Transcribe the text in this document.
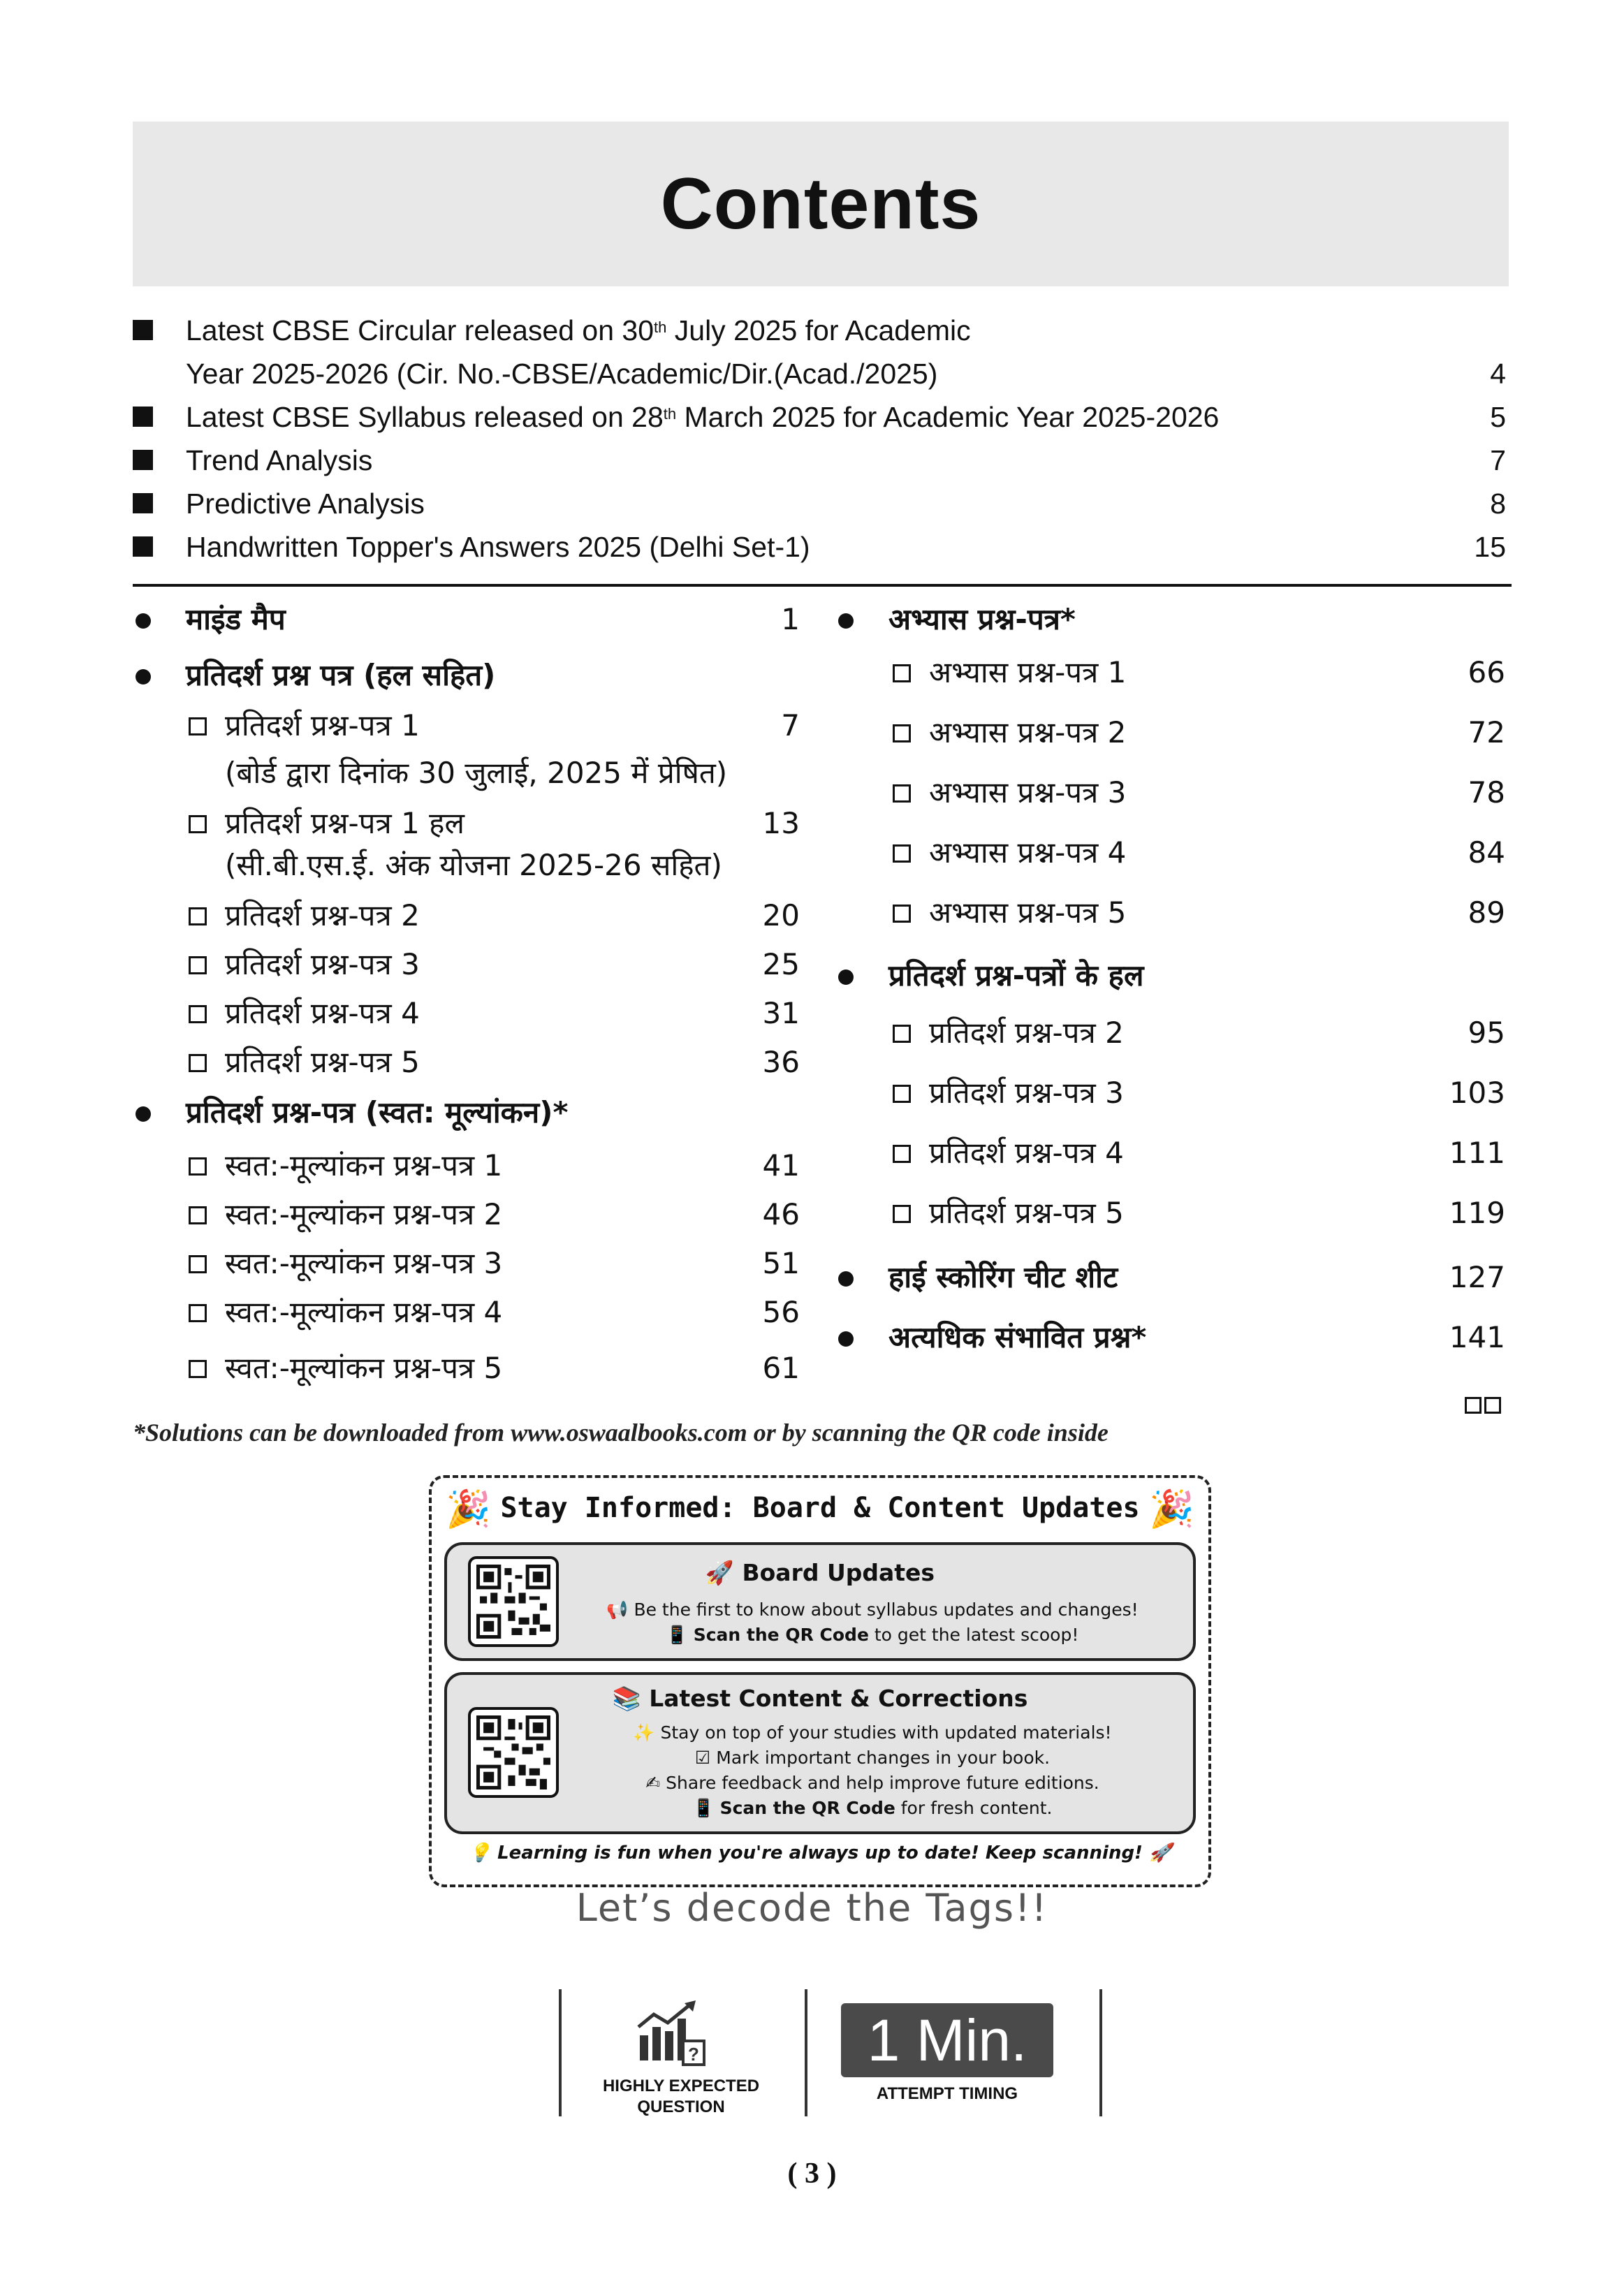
Contents
Latest CBSE Circular released on 30th July 2025 for Academic
Year 2025-2026 (Cir. No.-CBSE/Academic/Dir.(Acad./2025)	4
Latest CBSE Syllabus released on 28th March 2025 for Academic Year 2025-2026	5
Trend Analysis	7
Predictive Analysis	8
Handwritten Topper's Answers 2025 (Delhi Set-1)	15
माइंड मैप	1
प्रतिदर्श प्रश्न पत्र (हल सहित)
प्रतिदर्श प्रश्न-पत्र 1	7
(बोर्ड द्वारा दिनांक 30 जुलाई, 2025 में प्रेषित)
प्रतिदर्श प्रश्न-पत्र 1 हल	13
(सी.बी.एस.ई. अंक योजना 2025-26 सहित)
प्रतिदर्श प्रश्न-पत्र 2	20
प्रतिदर्श प्रश्न-पत्र 3	25
प्रतिदर्श प्रश्न-पत्र 4	31
प्रतिदर्श प्रश्न-पत्र 5	36
प्रतिदर्श प्रश्न-पत्र (स्वत: मूल्यांकन)*
स्वत:-मूल्यांकन प्रश्न-पत्र 1	41
स्वत:-मूल्यांकन प्रश्न-पत्र 2	46
स्वत:-मूल्यांकन प्रश्न-पत्र 3	51
स्वत:-मूल्यांकन प्रश्न-पत्र 4	56
स्वत:-मूल्यांकन प्रश्न-पत्र 5	61
अभ्यास प्रश्न-पत्र*
अभ्यास प्रश्न-पत्र 1	66
अभ्यास प्रश्न-पत्र 2	72
अभ्यास प्रश्न-पत्र 3	78
अभ्यास प्रश्न-पत्र 4	84
अभ्यास प्रश्न-पत्र 5	89
प्रतिदर्श प्रश्न-पत्रों के हल
प्रतिदर्श प्रश्न-पत्र 2	95
प्रतिदर्श प्रश्न-पत्र 3	103
प्रतिदर्श प्रश्न-पत्र 4	111
प्रतिदर्श प्रश्न-पत्र 5	119
हाई स्कोरिंग चीट शीट	127
अत्यधिक संभावित प्रश्न*	141
*Solutions can be downloaded from www.oswaalbooks.com or by scanning the QR code inside
🎉	🎉
Stay Informed: Board & Content Updates
🚀 Board Updates
📢 Be the first to know about syllabus updates and changes!
📱 Scan the QR Code to get the latest scoop!
📚 Latest Content & Corrections
✨ Stay on top of your studies with updated materials!
☑ Mark important changes in your book.
✍ Share feedback and help improve future editions.
📱 Scan the QR Code for fresh content.
💡 Learning is fun when you're always up to date! Keep scanning! 🚀
Let’s decode the Tags!!
?
HIGHLY EXPECTED
QUESTION
1 Min.
ATTEMPT TIMING
( 3 )
